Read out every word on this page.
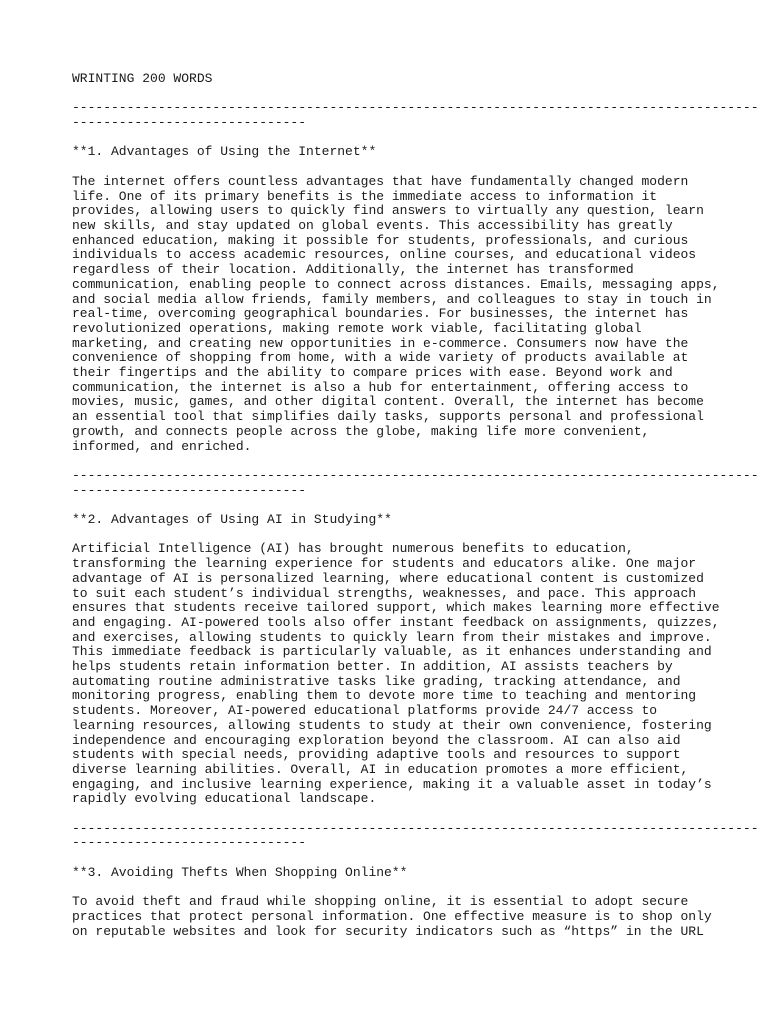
WRINTING 200 WORDS
----------------------------------------------------------------------------------------
------------------------------
**1. Advantages of Using the Internet**
The internet offers countless advantages that have fundamentally changed modern
life. One of its primary benefits is the immediate access to information it
provides, allowing users to quickly find answers to virtually any question, learn
new skills, and stay updated on global events. This accessibility has greatly
enhanced education, making it possible for students, professionals, and curious
individuals to access academic resources, online courses, and educational videos
regardless of their location. Additionally, the internet has transformed
communication, enabling people to connect across distances. Emails, messaging apps,
and social media allow friends, family members, and colleagues to stay in touch in
real-time, overcoming geographical boundaries. For businesses, the internet has
revolutionized operations, making remote work viable, facilitating global
marketing, and creating new opportunities in e-commerce. Consumers now have the
convenience of shopping from home, with a wide variety of products available at
their fingertips and the ability to compare prices with ease. Beyond work and
communication, the internet is also a hub for entertainment, offering access to
movies, music, games, and other digital content. Overall, the internet has become
an essential tool that simplifies daily tasks, supports personal and professional
growth, and connects people across the globe, making life more convenient,
informed, and enriched.
----------------------------------------------------------------------------------------
------------------------------
**2. Advantages of Using AI in Studying**
Artificial Intelligence (AI) has brought numerous benefits to education,
transforming the learning experience for students and educators alike. One major
advantage of AI is personalized learning, where educational content is customized
to suit each student’s individual strengths, weaknesses, and pace. This approach
ensures that students receive tailored support, which makes learning more effective
and engaging. AI-powered tools also offer instant feedback on assignments, quizzes,
and exercises, allowing students to quickly learn from their mistakes and improve.
This immediate feedback is particularly valuable, as it enhances understanding and
helps students retain information better. In addition, AI assists teachers by
automating routine administrative tasks like grading, tracking attendance, and
monitoring progress, enabling them to devote more time to teaching and mentoring
students. Moreover, AI-powered educational platforms provide 24/7 access to
learning resources, allowing students to study at their own convenience, fostering
independence and encouraging exploration beyond the classroom. AI can also aid
students with special needs, providing adaptive tools and resources to support
diverse learning abilities. Overall, AI in education promotes a more efficient,
engaging, and inclusive learning experience, making it a valuable asset in today’s
rapidly evolving educational landscape.
----------------------------------------------------------------------------------------
------------------------------
**3. Avoiding Thefts When Shopping Online**
To avoid theft and fraud while shopping online, it is essential to adopt secure
practices that protect personal information. One effective measure is to shop only
on reputable websites and look for security indicators such as “https” in the URL
